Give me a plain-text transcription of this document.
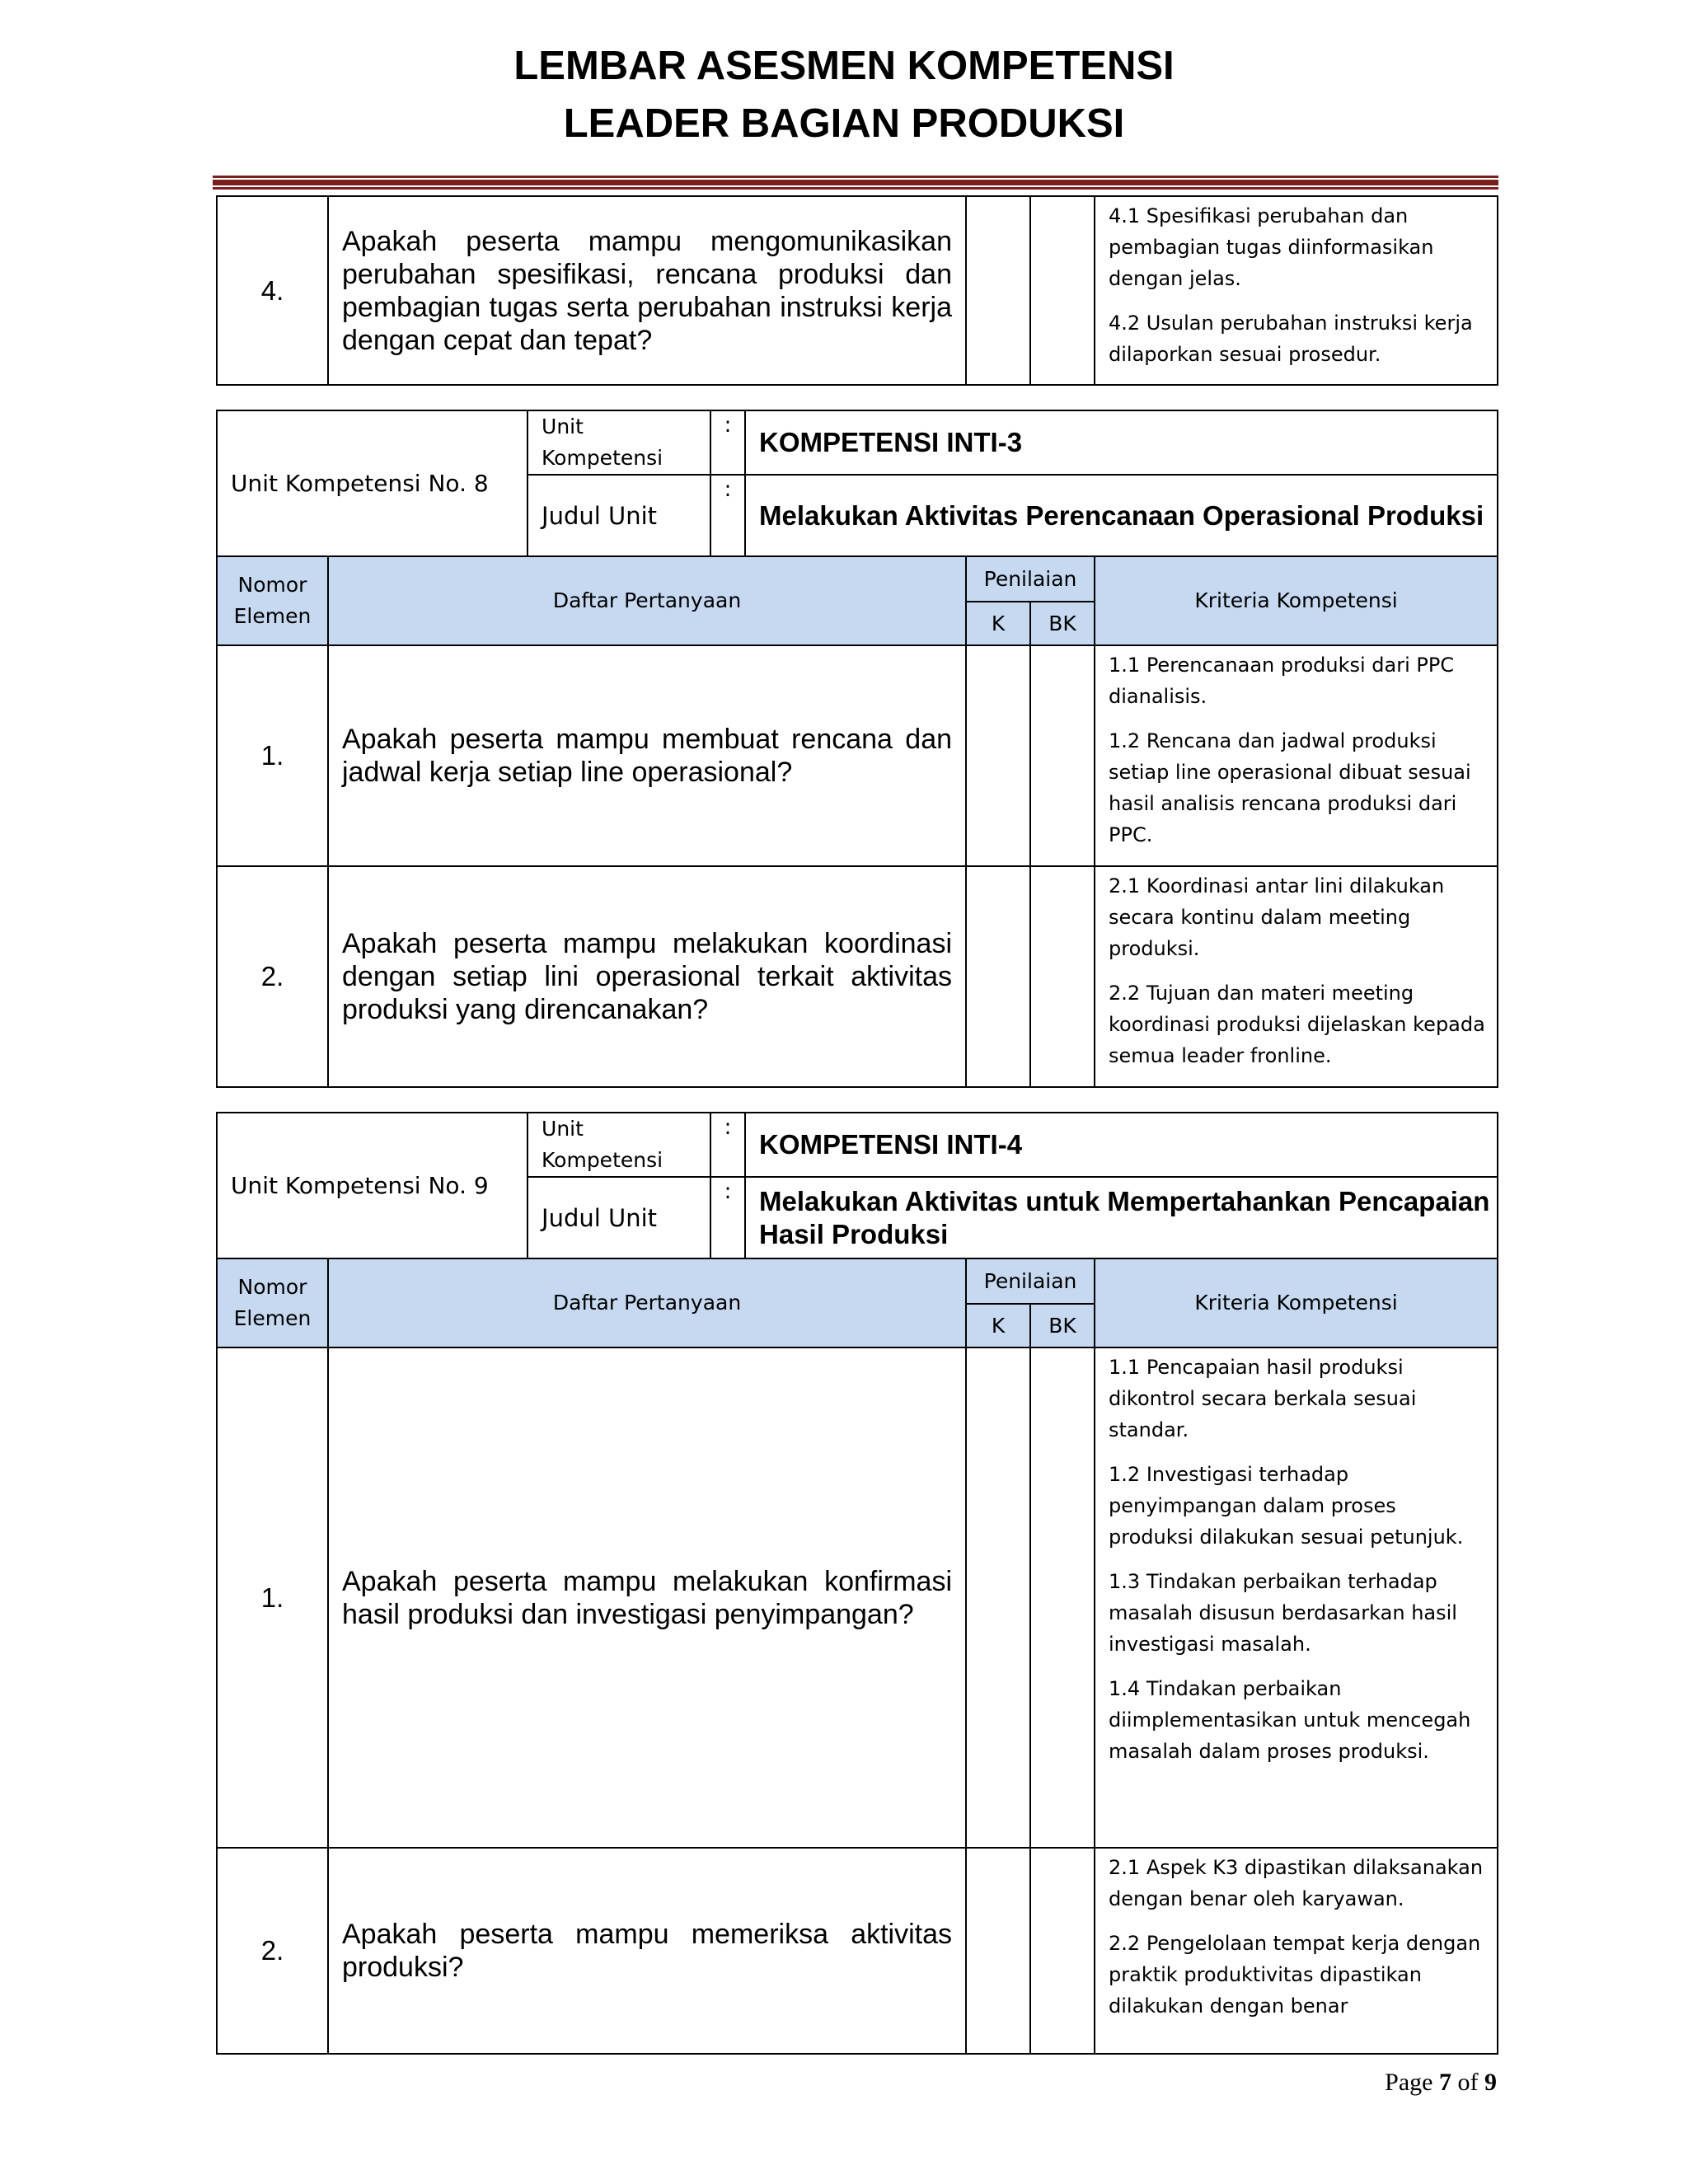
LEMBAR ASESMEN KOMPETENSI
LEADER BAGIAN PRODUKSI
4.	Apakah peserta mampu mengomunikasikan perubahan spesifikasi, rencana produksi dan pembagian tugas serta perubahan instruksi kerja dengan cepat dan tepat?			

4.1 Spesifikasi perubahan dan pembagian tugas diinformasikan dengan jelas.

4.2 Usulan perubahan instruksi kerja dilaporkan sesuai prosedur.

Unit Kompetensi No. 8		Unit Kompetensi	:	KOMPETENSI INTI-3			
		Judul Unit	:	Melakukan Aktivitas Perencanaan Operasional Produksi			
Nomor Elemen	Daftar Pertanyaan				Penilaian		Kriteria Kompetensi
					K	BK	
1.	Apakah peserta mampu membuat rencana dan jadwal kerja setiap line operasional?						1.1 Perencanaan produksi dari PPC dianalisis.

1.2 Rencana dan jadwal produksi setiap line operasional dibuat sesuai hasil analisis rencana produksi dari PPC.

2.	Apakah peserta mampu melakukan koordinasi dengan setiap lini operasional terkait aktivitas produksi yang direncanakan?						2.1 Koordinasi antar lini dilakukan secara kontinu dalam meeting produksi.

2.2 Tujuan dan materi meeting koordinasi produksi dijelaskan kepada semua leader fronline.

Unit Kompetensi No. 9		Unit Kompetensi	:	KOMPETENSI INTI-4			
		Judul Unit	:	Melakukan Aktivitas untuk Mempertahankan Pencapaian Hasil Produksi			
Nomor Elemen	Daftar Pertanyaan				Penilaian		Kriteria Kompetensi
					K	BK	
1.	Apakah peserta mampu melakukan konfirmasi hasil produksi dan investigasi penyimpangan?						1.1 Pencapaian hasil produksi dikontrol secara berkala sesuai standar.

1.2 Investigasi terhadap penyimpangan dalam proses produksi dilakukan sesuai petunjuk.

1.3 Tindakan perbaikan terhadap masalah disusun berdasarkan hasil investigasi masalah.

1.4 Tindakan perbaikan diimplementasikan untuk mencegah masalah dalam proses produksi.

2.	Apakah peserta mampu memeriksa aktivitas produksi?						2.1 Aspek K3 dipastikan dilaksanakan dengan benar oleh karyawan.

2.2 Pengelolaan tempat kerja dengan praktik produktivitas dipastikan dilakukan dengan benar

Page 7 of 9
